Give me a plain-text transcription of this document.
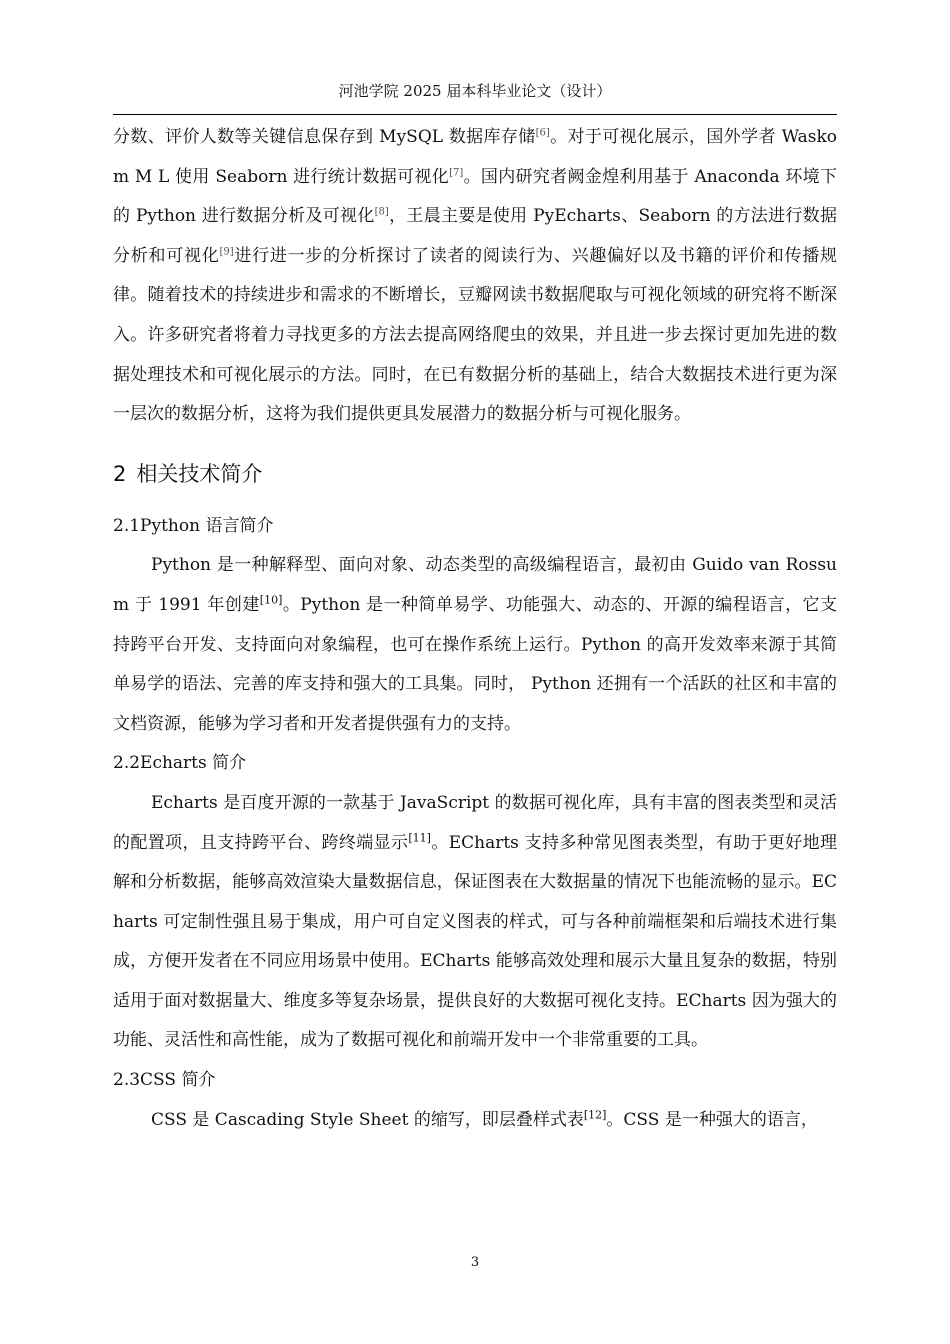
河池学院 2025 届本科毕业论文（设计）

分数、评价人数等关键信息保存到 MySQL 数据库存储[6]。对于可视化展示，国外学者 Waskom M L 使用 Seaborn 进行统计数据可视化[7]。国内研究者阙金煌利用基于 Anaconda 环境下的 Python 进行数据分析及可视化[8]，王晨主要是使用 PyEcharts、Seaborn 的方法进行数据分析和可视化[9]进行进一步的分析探讨了读者的阅读行为、兴趣偏好以及书籍的评价和传播规律。随着技术的持续进步和需求的不断增长，豆瓣网读书数据爬取与可视化领域的研究将不断深入。许多研究者将着力寻找更多的方法去提高网络爬虫的效果，并且进一步去探讨更加先进的数据处理技术和可视化展示的方法。同时，在已有数据分析的基础上，结合大数据技术进行更为深一层次的数据分析，这将为我们提供更具发展潜力的数据分析与可视化服务。

2 相关技术简介
2.1Python 语言简介

Python 是一种解释型、面向对象、动态类型的高级编程语言，最初由 Guido van Rossum 于 1991 年创建[10]。Python 是一种简单易学、功能强大、动态的、开源的编程语言，它支持跨平台开发、支持面向对象编程，也可在操作系统上运行。Python 的高开发效率来源于其简单易学的语法、完善的库支持和强大的工具集。同时， Python 还拥有一个活跃的社区和丰富的文档资源，能够为学习者和开发者提供强有力的支持。

2.2Echarts 简介

Echarts 是百度开源的一款基于 JavaScript 的数据可视化库，具有丰富的图表类型和灵活的配置项，且支持跨平台、跨终端显示[11]。ECharts 支持多种常见图表类型，有助于更好地理解和分析数据，能够高效渲染大量数据信息，保证图表在大数据量的情况下也能流畅的显示。ECharts 可定制性强且易于集成，用户可自定义图表的样式，可与各种前端框架和后端技术进行集成，方便开发者在不同应用场景中使用。ECharts 能够高效处理和展示大量且复杂的数据，特别适用于面对数据量大、维度多等复杂场景，提供良好的大数据可视化支持。ECharts 因为强大的功能、灵活性和高性能，成为了数据可视化和前端开发中一个非常重要的工具。

2.3CSS 简介

CSS 是 Cascading Style Sheet 的缩写，即层叠样式表[12]。CSS 是一种强大的语言，

3
